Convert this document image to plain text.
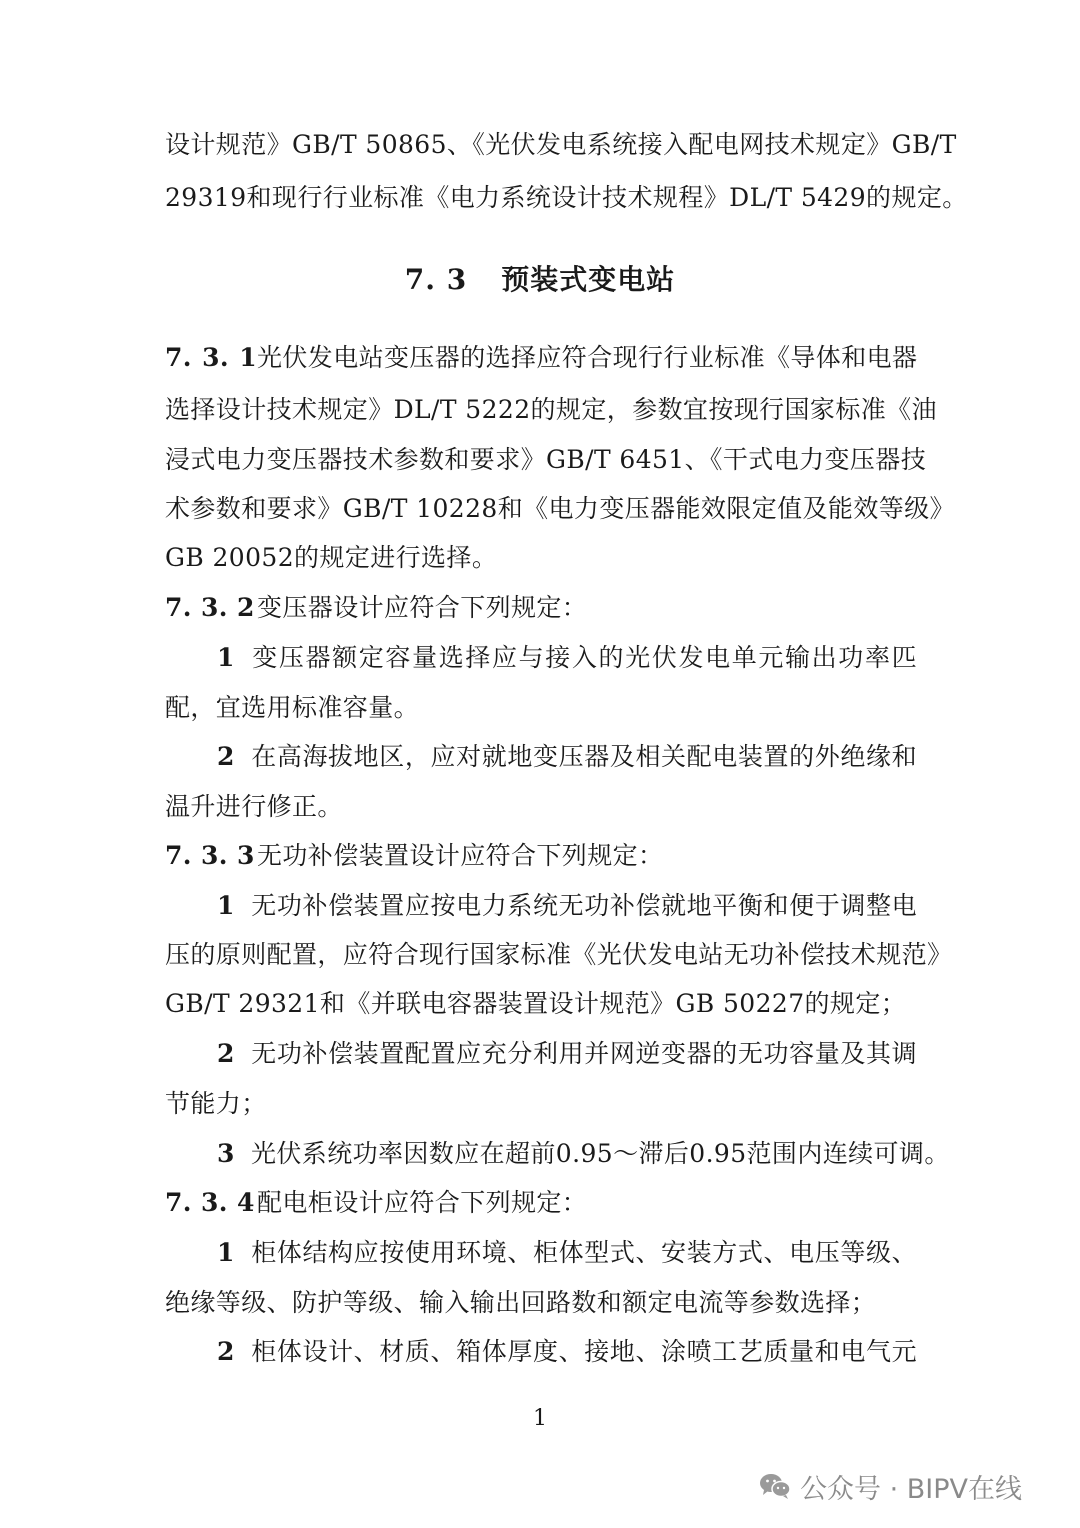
设计规范》GB/T 50865、《光伏发电系统接入配电网技术规定》GB/T
29319和现行行业标准《电力系统设计技术规程》DL/T 5429的规定。
7. 3 预装式变电站
7. 3. 1光伏发电站变压器的选择应符合现行行业标准《导体和电器
选择设计技术规定》DL/T 5222的规定，参数宜按现行国家标准《油
浸式电力变压器技术参数和要求》GB/T 6451、《干式电力变压器技
术参数和要求》GB/T 10228和《电力变压器能效限定值及能效等级》
GB 20052的规定进行选择。
7. 3. 2变压器设计应符合下列规定：
1 变压器额定容量选择应与接入的光伏发电单元输出功率匹
配，宜选用标准容量。
2 在高海拔地区，应对就地变压器及相关配电装置的外绝缘和
温升进行修正。
7. 3. 3无功补偿装置设计应符合下列规定：
1 无功补偿装置应按电力系统无功补偿就地平衡和便于调整电
压的原则配置，应符合现行国家标准《光伏发电站无功补偿技术规范》
GB/T 29321和《并联电容器装置设计规范》GB 50227的规定；
2 无功补偿装置配置应充分利用并网逆变器的无功容量及其调
节能力；
3 光伏系统功率因数应在超前0.95～滞后0.95范围内连续可调。
7. 3. 4配电柜设计应符合下列规定：
1 柜体结构应按使用环境、柜体型式、安装方式、电压等级、
绝缘等级、防护等级、输入输出回路数和额定电流等参数选择；
2 柜体设计、材质、箱体厚度、接地、涂喷工艺质量和电气元
1
公众号 · BIPV在线
